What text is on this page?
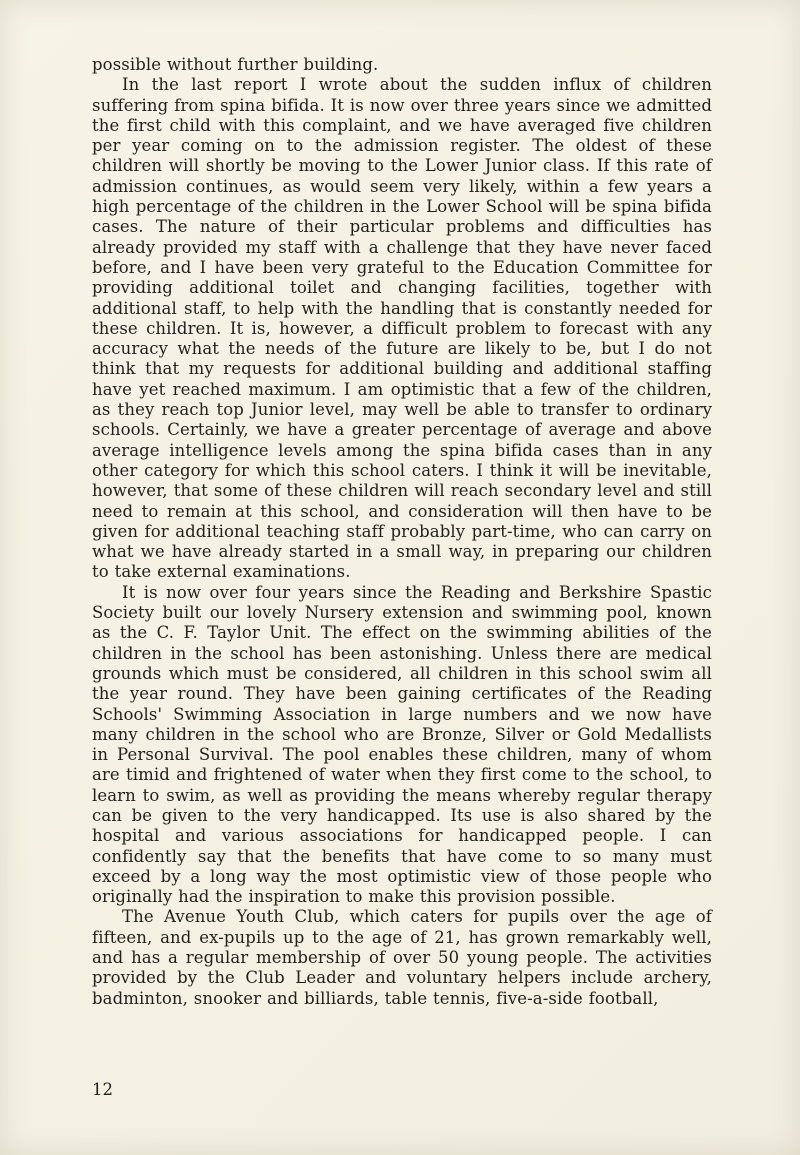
possible without further building.

In the last report I wrote about the sudden influx of children suffering from spina bifida. It is now over three years since we admitted the first child with this complaint, and we have averaged five children per year coming on to the admission register. The oldest of these children will shortly be moving to the Lower Junior class. If this rate of admission continues, as would seem very likely, within a few years a high percentage of the children in the Lower School will be spina bifida cases. The nature of their particular problems and difficulties has already provided my staff with a challenge that they have never faced before, and I have been very grateful to the Education Committee for providing additional toilet and changing facilities, together with additional staff, to help with the handling that is constantly needed for these children. It is, however, a difficult problem to forecast with any accuracy what the needs of the future are likely to be, but I do not think that my requests for additional building and additional staffing have yet reached maximum. I am optimistic that a few of the children, as they reach top Junior level, may well be able to transfer to ordinary schools. Certainly, we have a greater percentage of average and above average intelligence levels among the spina bifida cases than in any other category for which this school caters. I think it will be inevitable, however, that some of these children will reach secondary level and still need to remain at this school, and consideration will then have to be given for additional teaching staff probably part-time, who can carry on what we have already started in a small way, in preparing our children to take external examinations.

It is now over four years since the Reading and Berkshire Spastic Society built our lovely Nursery extension and swimming pool, known as the C. F. Taylor Unit. The effect on the swimming abilities of the children in the school has been astonishing. Unless there are medical grounds which must be considered, all children in this school swim all the year round. They have been gaining certificates of the Reading Schools' Swimming Association in large numbers and we now have many children in the school who are Bronze, Silver or Gold Medallists in Personal Survival. The pool enables these children, many of whom are timid and frightened of water when they first come to the school, to learn to swim, as well as providing the means whereby regular therapy can be given to the very handicapped. Its use is also shared by the hospital and various associations for handicapped people. I can confidently say that the benefits that have come to so many must exceed by a long way the most optimistic view of those people who originally had the inspiration to make this provision possible.

The Avenue Youth Club, which caters for pupils over the age of fifteen, and ex-pupils up to the age of 21, has grown remarkably well, and has a regular membership of over 50 young people. The activities provided by the Club Leader and voluntary helpers include archery, badminton, snooker and billiards, table tennis, five-a-side football,

12
